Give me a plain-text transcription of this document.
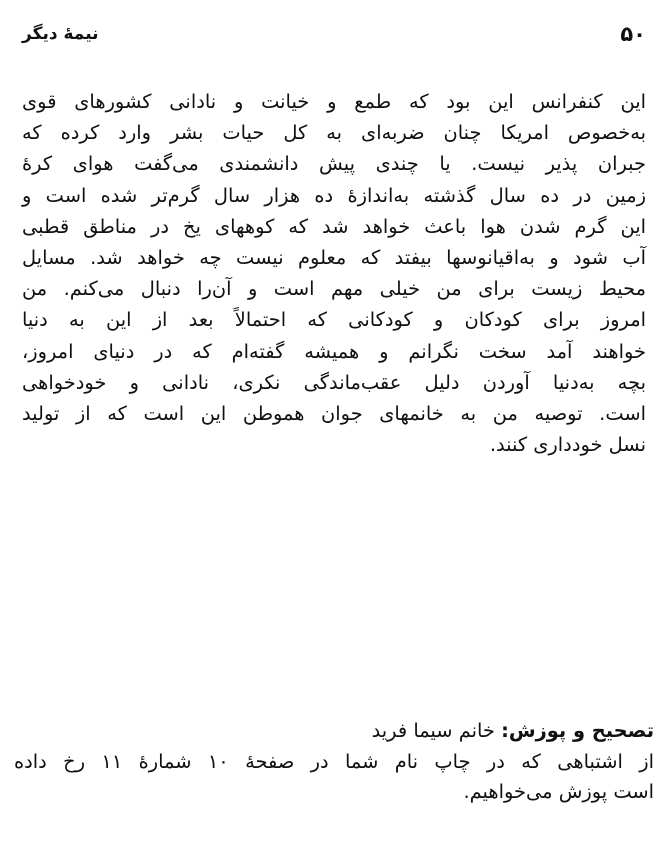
۵۰
نیمهٔ دیگر
این کنفرانس این بود که طمع و خیانت و نادانی کشورهای قوی
به‌خصوص امریکا چنان ضربه‌ای به کل حیات بشر وارد کرده که
جبران پذیر نیست. یا چندی پیش دانشمندی می‌گفت هوای کرهٔ
زمین در ده سال گذشته به‌اندازهٔ ده هزار سال گرم‌تر شده است و
این گرم شدن هوا باعث خواهد شد که کوههای یخ در مناطق قطبی
آب شود و به‌اقیانوسها بیفتد که معلوم نیست چه خواهد شد. مسایل
محیط زیست برای من خیلی مهم است و آن‌را دنبال می‌کنم. من
امروز برای کودکان و کودکانی که احتمالاً بعد از این به دنیا
خواهند آمد سخت نگرانم و همیشه گفته‌ام که در دنیای امروز،
بچه به‌دنیا آوردن دلیل عقب‌ماندگی نکری، نادانی و خودخواهی
است. توصیه من به خانمهای جوان هموطن این است که از تولید
نسل خودداری کنند.
تصحیح و پوزش: خانم سیما فرید
از اشتباهی که در چاپ نام شما در صفحهٔ ۱۰ شمارهٔ ۱۱ رخ داده
است پوزش می‌خواهیم.
